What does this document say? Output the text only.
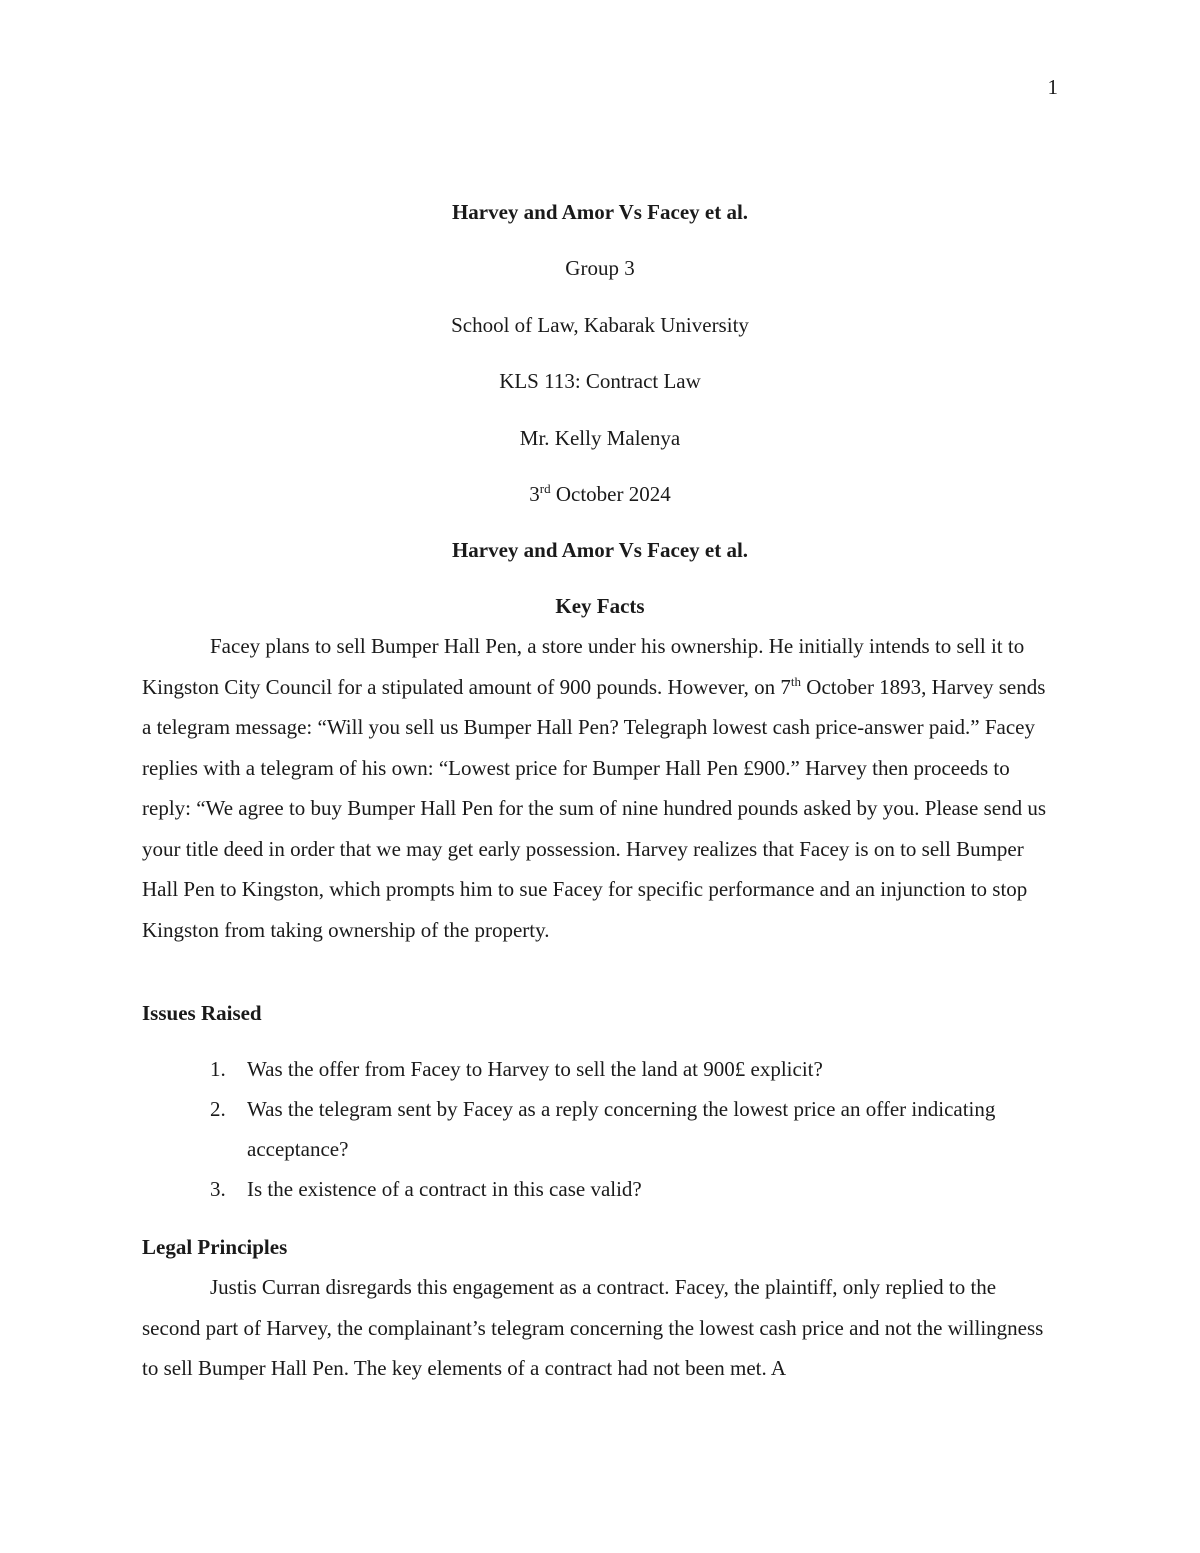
1
Harvey and Amor Vs Facey et al.
Group 3
School of Law, Kabarak University
KLS 113: Contract Law
Mr. Kelly Malenya
3rd October 2024
Harvey and Amor Vs Facey et al.
Key Facts

Facey plans to sell Bumper Hall Pen, a store under his ownership. He initially intends to sell it to Kingston City Council for a stipulated amount of 900 pounds. However, on 7th October 1893, Harvey sends a telegram message: “Will you sell us Bumper Hall Pen? Telegraph lowest cash price-answer paid.” Facey replies with a telegram of his own: “Lowest price for Bumper Hall Pen £900.” Harvey then proceeds to reply: “We agree to buy Bumper Hall Pen for the sum of nine hundred pounds asked by you. Please send us your title deed in order that we may get early possession. Harvey realizes that Facey is on to sell Bumper Hall Pen to Kingston, which prompts him to sue Facey for specific performance and an injunction to stop Kingston from taking ownership of the property.

Issues Raised
1. Was the offer from Facey to Harvey to sell the land at 900£ explicit?
2. Was the telegram sent by Facey as a reply concerning the lowest price an offer indicating acceptance?
3. Is the existence of a contract in this case valid?
Legal Principles

Justis Curran disregards this engagement as a contract. Facey, the plaintiff, only replied to the second part of Harvey, the complainant’s telegram concerning the lowest cash price and not the willingness to sell Bumper Hall Pen. The key elements of a contract had not been met. A
